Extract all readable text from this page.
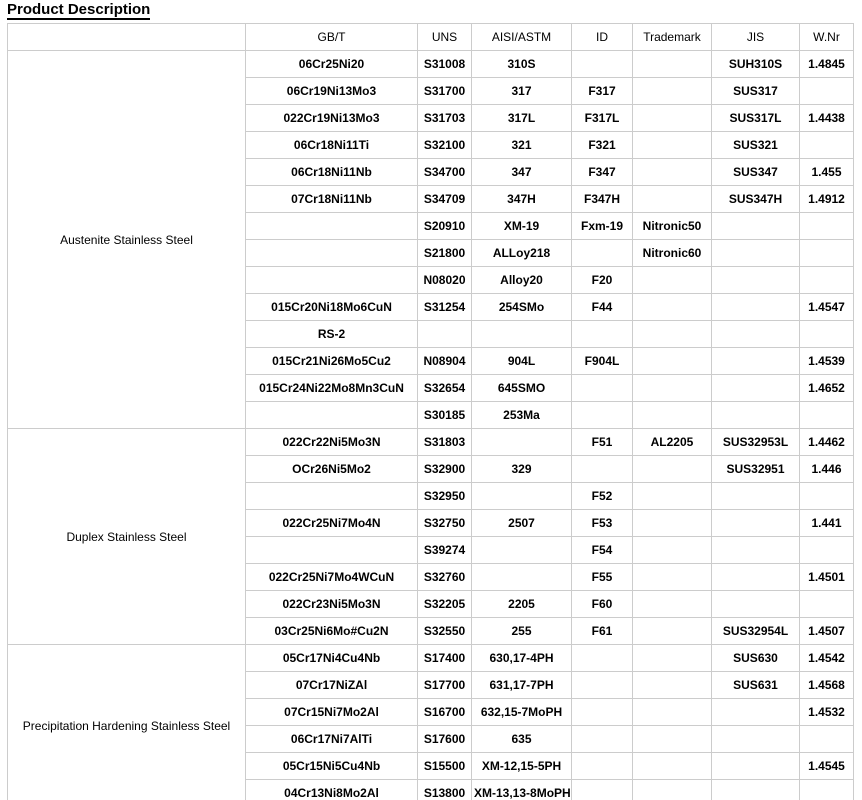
Product Description
	GB/T	UNS	AISI/ASTM	ID	Trademark	JIS	W.Nr
Austenite Stainless Steel	06Cr25Ni20	S31008	310S			SUH310S	1.4845
	06Cr19Ni13Mo3	S31700	317	F317		SUS317	
	022Cr19Ni13Mo3	S31703	317L	F317L		SUS317L	1.4438
	06Cr18Ni11Ti	S32100	321	F321		SUS321	
	06Cr18Ni11Nb	S34700	347	F347		SUS347	1.455
	07Cr18Ni11Nb	S34709	347H	F347H		SUS347H	1.4912
		S20910	XM-19	Fxm-19	Nitronic50		
		S21800	ALLoy218		Nitronic60		
		N08020	Alloy20	F20			
	015Cr20Ni18Mo6CuN	S31254	254SMo	F44			1.4547
	RS-2						
	015Cr21Ni26Mo5Cu2	N08904	904L	F904L			1.4539
	015Cr24Ni22Mo8Mn3CuN	S32654	645SMO				1.4652
		S30185	253Ma				
Duplex Stainless Steel	022Cr22Ni5Mo3N	S31803		F51	AL2205	SUS32953L	1.4462
	OCr26Ni5Mo2	S32900	329			SUS32951	1.446
		S32950		F52			
	022Cr25Ni7Mo4N	S32750	2507	F53			1.441
		S39274		F54			
	022Cr25Ni7Mo4WCuN	S32760		F55			1.4501
	022Cr23Ni5Mo3N	S32205	2205	F60			
	03Cr25Ni6Mo#Cu2N	S32550	255	F61		SUS32954L	1.4507
Precipitation Hardening Stainless Steel	05Cr17Ni4Cu4Nb	S17400	630,17-4PH			SUS630	1.4542
	07Cr17NiZAl	S17700	631,17-7PH			SUS631	1.4568
	07Cr15Ni7Mo2Al	S16700	632,15-7MoPH				1.4532
	06Cr17Ni7AlTi	S17600	635				
	05Cr15Ni5Cu4Nb	S15500	XM-12,15-5PH				1.4545
	04Cr13Ni8Mo2Al	S13800	XM-13,13-8MoPH				
